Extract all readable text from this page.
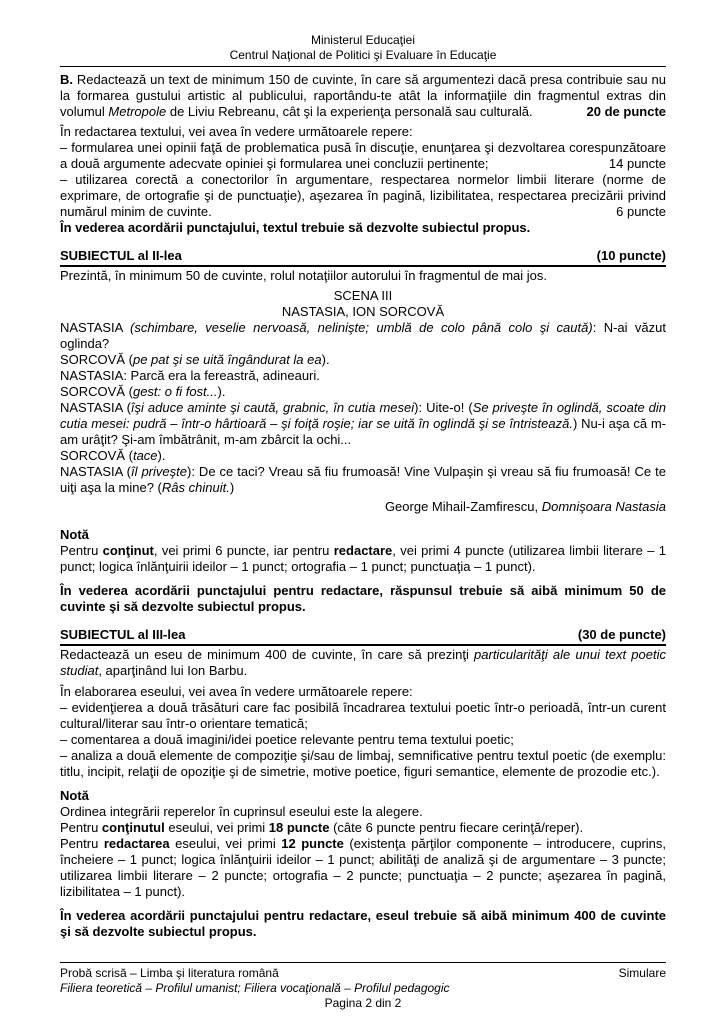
Ministerul Educaţiei
Centrul Naţional de Politici şi Evaluare în Educaţie
B. Redactează un text de minimum 150 de cuvinte, în care să argumentezi dacă presa contribuie sau nu la formarea gustului artistic al publicului, raportându-te atât la informaţiile din fragmentul extras din volumul Metropole de Liviu Rebreanu, cât şi la experienţa personală sau culturală.	20 de puncte
În redactarea textului, vei avea în vedere următoarele repere:
– formularea unei opinii faţă de problematica pusă în discuţie, enunţarea şi dezvoltarea corespunzătoare a două argumente adecvate opiniei şi formularea unei concluzii pertinente;	14 puncte
– utilizarea corectă a conectorilor în argumentare, respectarea normelor limbii literare (norme de exprimare, de ortografie şi de punctuaţie), aşezarea în pagină, lizibilitatea, respectarea precizării privind numărul minim de cuvinte.	6 puncte
În vederea acordării punctajului, textul trebuie să dezvolte subiectul propus.
SUBIECTUL al II-lea	(10 puncte)
Prezintă, în minimum 50 de cuvinte, rolul notaţiilor autorului în fragmentul de mai jos.
SCENA III
NASTASIA, ION SORCOVĂ
NASTASIA (schimbare, veselie nervoasă, nelinişte; umblă de colo până colo şi caută): N-ai văzut oglinda?
SORCOVĂ (pe pat şi se uită îngândurat la ea).
NASTASIA: Parcă era la fereastră, adineauri.
SORCOVĂ (gest: o fi fost...).
NASTASIA (îşi aduce aminte şi caută, grabnic, în cutia mesei): Uite-o! (Se priveşte în oglindă, scoate din cutia mesei: pudră – într-o hârtioară – şi foiţă roşie; iar se uită în oglindă şi se întristează.) Nu-i aşa că m-am urâţit? Şi-am îmbătrânit, m-am zbârcit la ochi...
SORCOVĂ (tace).
NASTASIA (îl priveşte): De ce taci? Vreau să fiu frumoasă! Vine Vulpaşin şi vreau să fiu frumoasă! Ce te uiţi aşa la mine? (Râs chinuit.)
George Mihail-Zamfirescu, Domnişoara Nastasia
Notă
Pentru conţinut, vei primi 6 puncte, iar pentru redactare, vei primi 4 puncte (utilizarea limbii literare – 1 punct; logica înlănţuirii ideilor – 1 punct; ortografia – 1 punct; punctuaţia – 1 punct).
În vederea acordării punctajului pentru redactare, răspunsul trebuie să aibă minimum 50 de cuvinte şi să dezvolte subiectul propus.
SUBIECTUL al III-lea	(30 de puncte)
Redactează un eseu de minimum 400 de cuvinte, în care să prezinţi particularităţi ale unui text poetic studiat, aparţinând lui Ion Barbu.
În elaborarea eseului, vei avea în vedere următoarele repere:
– evidenţierea a două trăsături care fac posibilă încadrarea textului poetic într-o perioadă, într-un curent cultural/literar sau într-o orientare tematică;
– comentarea a două imagini/idei poetice relevante pentru tema textului poetic;
– analiza a două elemente de compoziţie şi/sau de limbaj, semnificative pentru textul poetic (de exemplu: titlu, incipit, relaţii de opoziţie şi de simetrie, motive poetice, figuri semantice, elemente de prozodie etc.).
Notă
Ordinea integrării reperelor în cuprinsul eseului este la alegere.
Pentru conţinutul eseului, vei primi 18 puncte (câte 6 puncte pentru fiecare cerinţă/reper).
Pentru redactarea eseului, vei primi 12 puncte (existenţa părţilor componente – introducere, cuprins, încheiere – 1 punct; logica înlănţuirii ideilor – 1 punct; abilităţi de analiză şi de argumentare – 3 puncte; utilizarea limbii literare – 2 puncte; ortografia – 2 puncte; punctuaţia – 2 puncte; aşezarea în pagină, lizibilitatea – 1 punct).
În vederea acordării punctajului pentru redactare, eseul trebuie să aibă minimum 400 de cuvinte şi să dezvolte subiectul propus.
Probă scrisă – Limba şi literatura română	Simulare
Filiera teoretică – Profilul umanist; Filiera vocaţională – Profilul pedagogic
Pagina 2 din 2
